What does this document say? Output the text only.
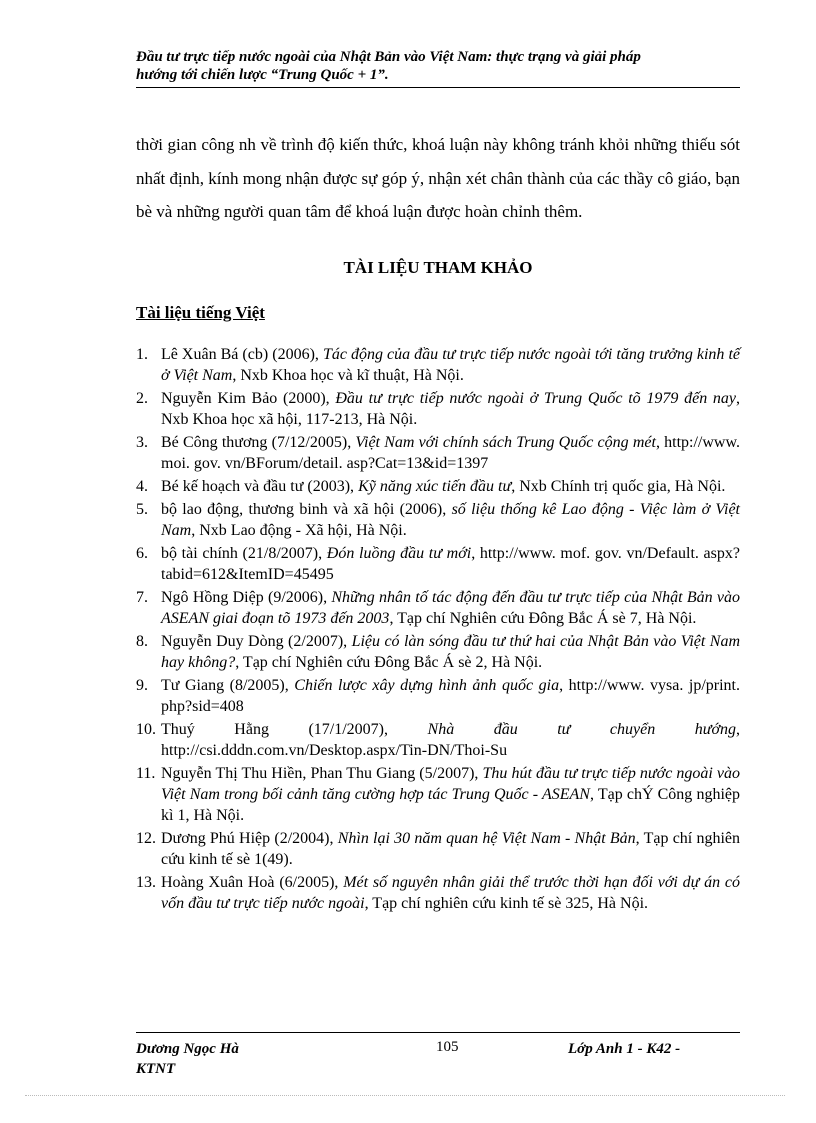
Đầu tư trực tiếp nước ngoài của Nhật Bản vào Việt Nam: thực trạng và giải pháp
hướng tới chiến lược “Trung Quốc + 1”.
thời gian công nh về trình độ kiến thức, khoá luận này không tránh khỏi những thiếu sót nhất định, kính mong nhận được sự góp ý, nhận xét chân thành của các thầy cô giáo, bạn bè và những người quan tâm để khoá luận được hoàn chỉnh thêm.
TÀI LIỆU THAM KHẢO
Tài liệu tiếng Việt
1. Lê Xuân Bá (cb) (2006), Tác động của đầu tư trực tiếp nước ngoài tới tăng trưởng kinh tế ở Việt Nam, Nxb Khoa học và kĩ thuật, Hà Nội.
2. Nguyễn Kim Bảo (2000), Đầu tư trực tiếp nước ngoài ở Trung Quốc tõ 1979 đến nay, Nxb Khoa học xã hội, 117-213, Hà Nội.
3. Bé Công thương (7/12/2005), Việt Nam với chính sách Trung Quốc cộng mét, http://www. moi. gov. vn/BForum/detail. asp?Cat=13&id=1397
4. Bé kế hoạch và đầu tư (2003), Kỹ năng xúc tiến đầu tư, Nxb Chính trị quốc gia, Hà Nội.
5. bộ lao động, thương binh và xã hội (2006), số liệu thống kê Lao động - Việc làm ở Việt Nam, Nxb Lao động - Xã hội, Hà Nội.
6. bộ tài chính (21/8/2007), Đón luồng đầu tư mới, http://www. mof. gov. vn/Default. aspx?tabid=612&ItemID=45495
7. Ngô Hồng Diệp (9/2006), Những nhân tố tác động đến đầu tư trực tiếp của Nhật Bản vào ASEAN giai đoạn tõ 1973 đến 2003, Tạp chí Nghiên cứu Đông Bắc Á sè 7, Hà Nội.
8. Nguyễn Duy Dòng (2/2007), Liệu có làn sóng đầu tư thứ hai của Nhật Bản vào Việt Nam hay không?, Tạp chí Nghiên cứu Đông Bắc Á sè 2, Hà Nội.
9. Tư Giang (8/2005), Chiến lược xây dựng hình ảnh quốc gia, http://www. vysa. jp/print. php?sid=408
10. Thuý Hằng (17/1/2007), Nhà đầu tư chuyển hướng, http://csi.dddn.com.vn/Desktop.aspx/Tin-DN/Thoi-Su
11. Nguyễn Thị Thu Hiền, Phan Thu Giang (5/2007), Thu hút đầu tư trực tiếp nước ngoài vào Việt Nam trong bối cảnh tăng cường hợp tác Trung Quốc - ASEAN, Tạp chÝ Công nghiệp kì 1, Hà Nội.
12. Dương Phú Hiệp (2/2004), Nhìn lại 30 năm quan hệ Việt Nam - Nhật Bản, Tạp chí nghiên cứu kinh tế sè 1(49).
13. Hoàng Xuân Hoà (6/2005), Mét số nguyên nhân giải thể trước thời hạn đối với dự án có vốn đầu tư trực tiếp nước ngoài, Tạp chí nghiên cứu kinh tế sè 325, Hà Nội.
Dương Ngọc Hà KTNT
105	Lớp Anh 1 - K42 -
